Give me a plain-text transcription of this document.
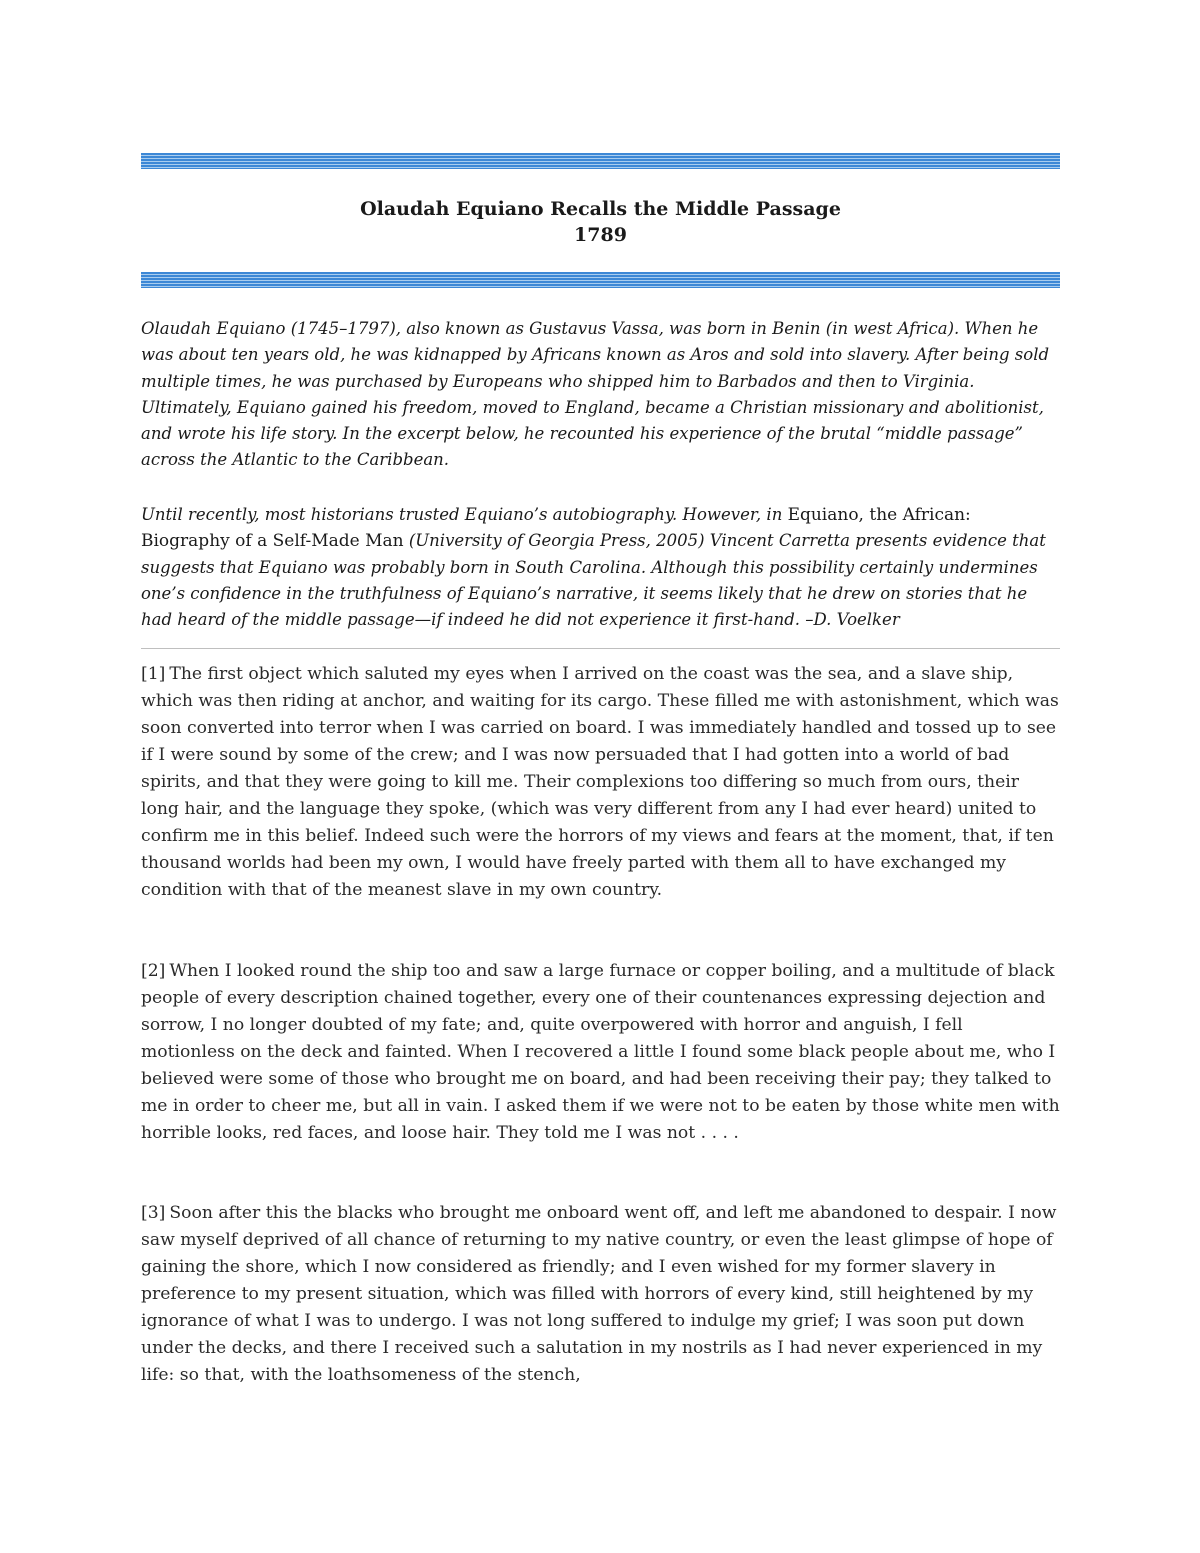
Olaudah Equiano Recalls the Middle Passage
1789
Olaudah Equiano (1745–1797), also known as Gustavus Vassa, was born in Benin (in west Africa). When he was about ten years old, he was kidnapped by Africans known as Aros and sold into slavery. After being sold multiple times, he was purchased by Europeans who shipped him to Barbados and then to Virginia. Ultimately, Equiano gained his freedom, moved to England, became a Christian missionary and abolitionist, and wrote his life story. In the excerpt below, he recounted his experience of the brutal “middle passage” across the Atlantic to the Caribbean.
Until recently, most historians trusted Equiano’s autobiography. However, in Equiano, the African: Biography of a Self-Made Man (University of Georgia Press, 2005) Vincent Carretta presents evidence that suggests that Equiano was probably born in South Carolina. Although this possibility certainly undermines one’s confidence in the truthfulness of Equiano’s narrative, it seems likely that he drew on stories that he had heard of the middle passage—if indeed he did not experience it first-hand. –D. Voelker
[1] The first object which saluted my eyes when I arrived on the coast was the sea, and a slave ship, which was then riding at anchor, and waiting for its cargo. These filled me with astonishment, which was soon converted into terror when I was carried on board. I was immediately handled and tossed up to see if I were sound by some of the crew; and I was now persuaded that I had gotten into a world of bad spirits, and that they were going to kill me. Their complexions too differing so much from ours, their long hair, and the language they spoke, (which was very different from any I had ever heard) united to confirm me in this belief. Indeed such were the horrors of my views and fears at the moment, that, if ten thousand worlds had been my own, I would have freely parted with them all to have exchanged my condition with that of the meanest slave in my own country.
[2] When I looked round the ship too and saw a large furnace or copper boiling, and a multitude of black people of every description chained together, every one of their countenances expressing dejection and sorrow, I no longer doubted of my fate; and, quite overpowered with horror and anguish, I fell motionless on the deck and fainted. When I recovered a little I found some black people about me, who I believed were some of those who brought me on board, and had been receiving their pay; they talked to me in order to cheer me, but all in vain. I asked them if we were not to be eaten by those white men with horrible looks, red faces, and loose hair. They told me I was not . . . .
[3] Soon after this the blacks who brought me onboard went off, and left me abandoned to despair. I now saw myself deprived of all chance of returning to my native country, or even the least glimpse of hope of gaining the shore, which I now considered as friendly; and I even wished for my former slavery in preference to my present situation, which was filled with horrors of every kind, still heightened by my ignorance of what I was to undergo. I was not long suffered to indulge my grief; I was soon put down under the decks, and there I received such a salutation in my nostrils as I had never experienced in my life: so that, with the loathsomeness of the stench,
